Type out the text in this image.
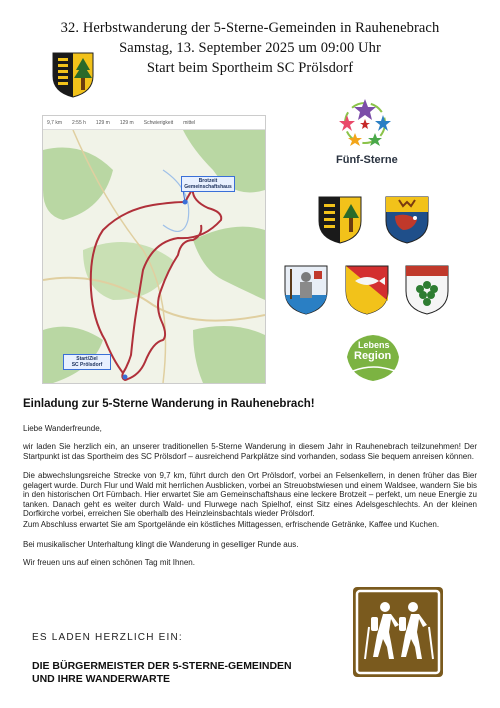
32. Herbstwanderung der 5-Sterne-Gemeinden in Rauhenebrach
Samstag, 13. September 2025 um 09:00 Uhr
Start beim Sportheim SC Prölsdorf
9,7 km 2:55 h 129 m 129 m Schwierigkeit mittel
Brotzeit
Gemeinschaftshaus
Start/Ziel
SC Prölsdorf
Fünf-Sterne
Lebens
Region
Einladung zur 5-Sterne Wanderung in Rauhenebrach!
Liebe Wanderfreunde,
wir laden Sie herzlich ein, an unserer traditionellen 5-Sterne Wanderung in diesem Jahr in Rauhenebrach teilzunehmen! Der Startpunkt ist das Sportheim des SC Prölsdorf – ausreichend Parkplätze sind vorhanden, sodass Sie bequem anreisen können.
Die abwechslungsreiche Strecke von 9,7 km, führt durch den Ort Prölsdorf, vorbei an Felsenkellern, in denen früher das Bier gelagert wurde. Durch Flur und Wald mit herrlichen Ausblicken, vorbei an Streuobstwiesen und einem Waldsee, wandern Sie bis in den historischen Ort Fürnbach. Hier erwartet Sie am Gemeinschaftshaus eine leckere Brotzeit – perfekt, um neue Energie zu tanken. Danach geht es weiter durch Wald- und Flurwege nach Spielhof, einst Sitz eines Adelsgeschlechts. An der kleinen Dorfkirche vorbei, erreichen Sie oberhalb des Heinzleinsbachtals wieder Prölsdorf.
Zum Abschluss erwartet Sie am Sportgelände ein köstliches Mittagessen, erfrischende Getränke, Kaffee und Kuchen.
Bei musikalischer Unterhaltung klingt die Wanderung in geselliger Runde aus.
Wir freuen uns auf einen schönen Tag mit Ihnen.
ES LADEN HERZLICH EIN:
DIE BÜRGERMEISTER DER 5-STERNE-GEMEINDEN
UND IHRE WANDERWARTE
